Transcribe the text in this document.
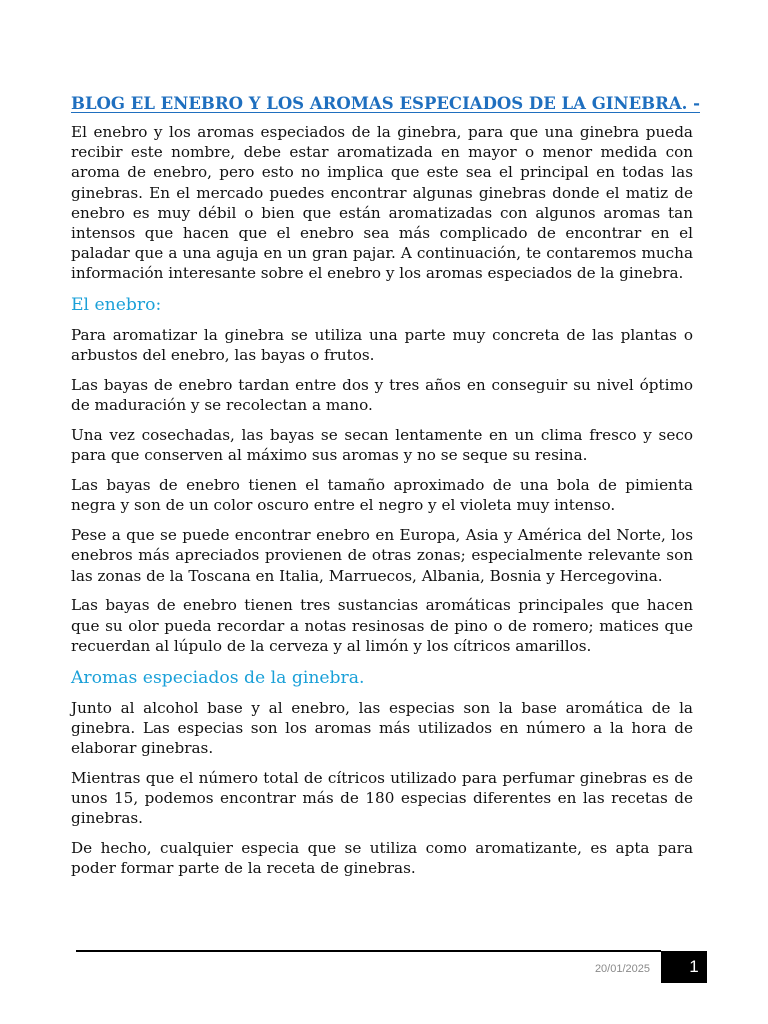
BLOG EL ENEBRO Y LOS AROMAS ESPECIADOS DE LA GINEBRA. -

El enebro y los aromas especiados de la ginebra, para que una ginebra pueda recibir este nombre, debe estar aromatizada en mayor o menor medida con aroma de enebro, pero esto no implica que este sea el principal en todas las ginebras. En el mercado puedes encontrar algunas ginebras donde el matiz de enebro es muy débil o bien que están aromatizadas con algunos aromas tan intensos que hacen que el enebro sea más complicado de encontrar en el paladar que a una aguja en un gran pajar. A continuación, te contaremos mucha información interesante sobre el enebro y los aromas especiados de la ginebra.

El enebro:

Para aromatizar la ginebra se utiliza una parte muy concreta de las plantas o arbustos del enebro, las bayas o frutos.

Las bayas de enebro tardan entre dos y tres años en conseguir su nivel óptimo de maduración y se recolectan a mano.

Una vez cosechadas, las bayas se secan lentamente en un clima fresco y seco para que conserven al máximo sus aromas y no se seque su resina.

Las bayas de enebro tienen el tamaño aproximado de una bola de pimienta negra y son de un color oscuro entre el negro y el violeta muy intenso.

Pese a que se puede encontrar enebro en Europa, Asia y América del Norte, los enebros más apreciados provienen de otras zonas; especialmente relevante son las zonas de la Toscana en Italia, Marruecos, Albania, Bosnia y Hercegovina.

Las bayas de enebro tienen tres sustancias aromáticas principales que hacen que su olor pueda recordar a notas resinosas de pino o de romero; matices que recuerdan al lúpulo de la cerveza y al limón y los cítricos amarillos.

Aromas especiados de la ginebra.

Junto al alcohol base y al enebro, las especias son la base aromática de la ginebra. Las especias son los aromas más utilizados en número a la hora de elaborar ginebras.

Mientras que el número total de cítricos utilizado para perfumar ginebras es de unos 15, podemos encontrar más de 180 especias diferentes en las recetas de ginebras.

De hecho, cualquier especia que se utiliza como aromatizante, es apta para poder formar parte de la receta de ginebras.

20/01/2025	1
